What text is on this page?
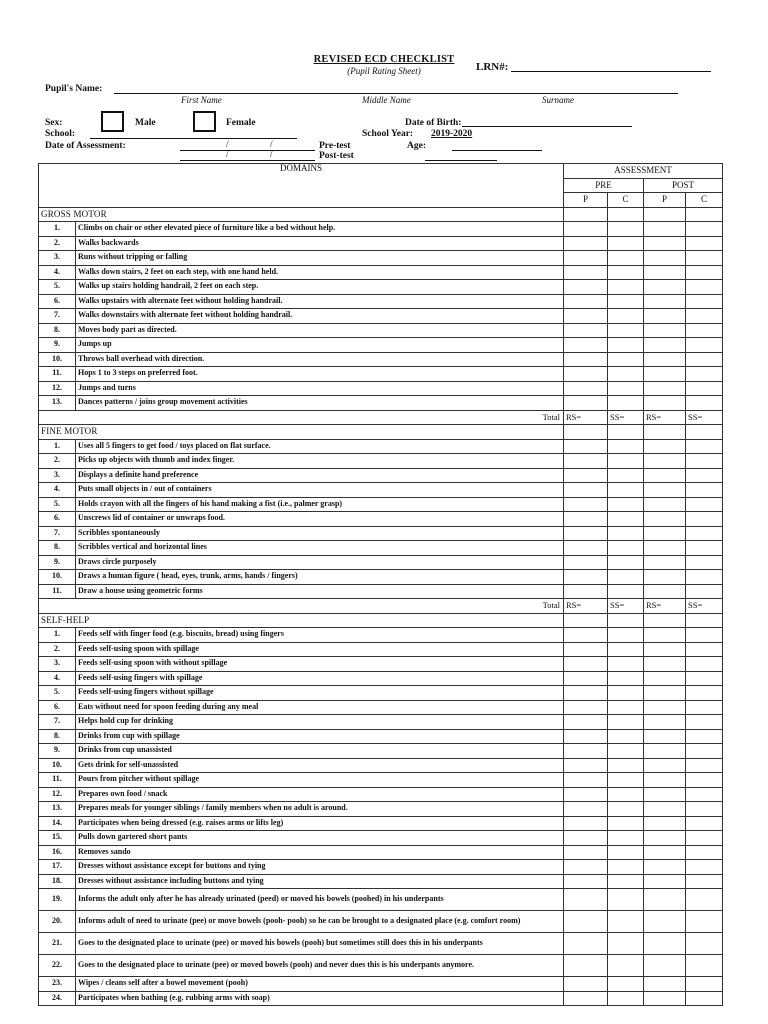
REVISED ECD CHECKLIST
(Pupil Rating Sheet)	LRN#:
Pupil's Name:
First Name	Middle Name	Surname
Sex:	Male	Female	Date of Birth:
School:	School Year: 2019-2020
Date of Assessment:	/	/	Pre-test	Age:
/	/	Post-test
DOMAINS		ASSESSMENT			
		PRE		POST	
		P	C	P	C
GROSS MOTOR					
1.	Climbs on chair or other elevated piece of furniture like a bed without help.				
2.	Walks backwards				
3.	Runs without tripping or falling				
4.	Walks down stairs, 2 feet on each step, with one hand held.				
5.	Walks up stairs holding handrail, 2 feet on each step.				
6.	Walks upstairs with alternate feet without holding handrail.				
7.	Walks downstairs with alternate feet without holding handrail.				
8.	Moves body part as directed.				
9.	Jumps up				
10.	Throws ball overhead with direction.				
11.	Hops 1 to 3 steps on preferred foot.				
12.	Jumps and turns				
13.	Dances patterns / joins group movement activities				
Total		RS=	SS=	RS=	SS=
FINE MOTOR					
1.	Uses all 5 fingers to get food / toys placed on flat surface.				
2.	Picks up objects with thumb and index finger.				
3.	Displays a definite hand preference				
4.	Puts small objects in / out of containers				
5.	Holds crayon with all the fingers of his hand making a fist (i.e., palmer grasp)				
6.	Unscrews lid of container or unwraps food.				
7.	Scribbles spontaneously				
8.	Scribbles vertical and horizontal lines				
9.	Draws circle purposely				
10.	Draws a human figure ( head, eyes, trunk, arms, hands / fingers)				
11.	Draw a house using geometric forms				
Total		RS=	SS=	RS=	SS=
SELF-HELP					
1.	Feeds self with finger food (e.g. biscuits, bread) using fingers				
2.	Feeds self-using spoon with spillage				
3.	Feeds self-using spoon with without spillage				
4.	Feeds self-using fingers with spillage				
5.	Feeds self-using fingers without spillage				
6.	Eats without need for spoon feeding during any meal				
7.	Helps hold cup for drinking				
8.	Drinks from cup with spillage				
9.	Drinks from cup unassisted				
10.	Gets drink for self-unassisted				
11.	Pours from pitcher without spillage				
12.	Prepares own food / snack				
13.	Prepares meals for younger siblings / family members when no adult is around.				
14.	Participates when being dressed (e.g. raises arms or lifts leg)				
15.	Pulls down gartered short pants				
16.	Removes sando				
17.	Dresses without assistance except for buttons and tying				
18.	Dresses without assistance including buttons and tying				
19.	Informs the adult only after he has already urinated (peed) or moved his bowels (poohed) in his underpants				
20.	Informs adult of need to urinate (pee) or move bowels (pooh- pooh) so he can be brought to a designated place (e.g. comfort room)				
21.	Goes to the designated place to urinate (pee) or moved his bowels (pooh) but sometimes still does this in his underpants				
22.	Goes to the designated place to urinate (pee) or moved bowels (pooh) and never does this is his underpants anymore.				
23.	Wipes / cleans self after a bowel movement (pooh)				
24.	Participates when bathing (e.g. rubbing arms with soap)				
